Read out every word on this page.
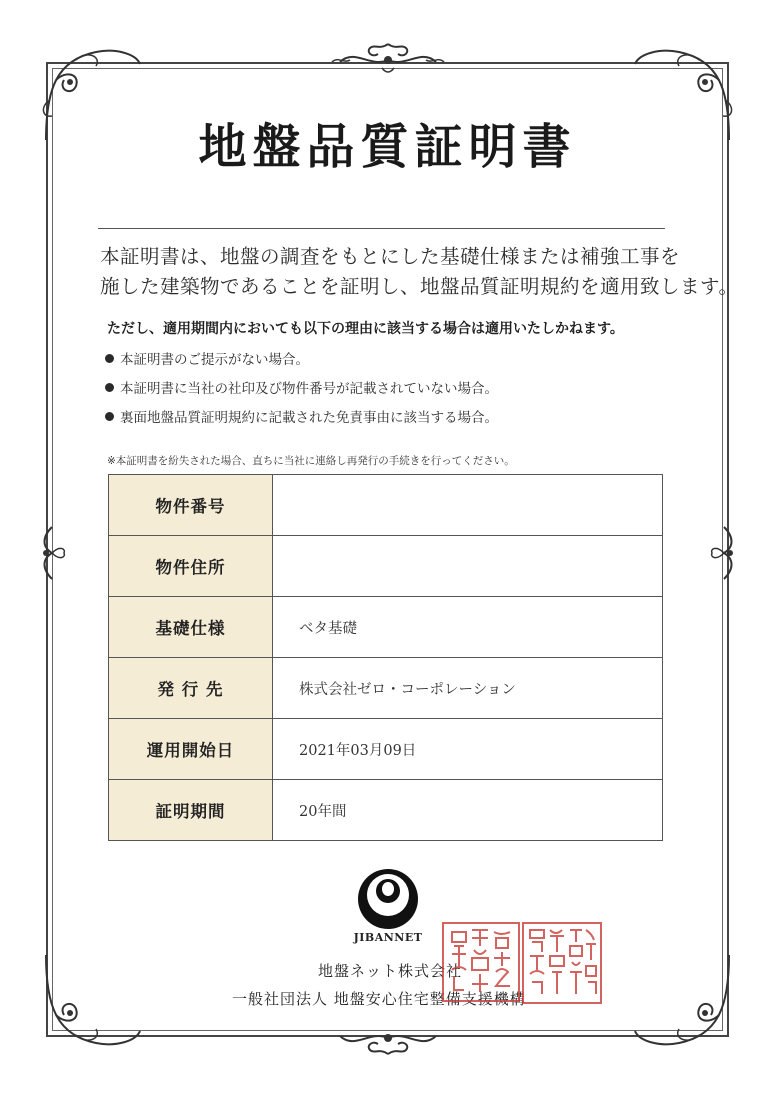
地盤品質証明書
本証明書は、地盤の調査をもとにした基礎仕様または補強工事を
施した建築物であることを証明し、地盤品質証明規約を適用致します。
ただし、適用期間内においても以下の理由に該当する場合は適用いたしかねます。
本証明書のご提示がない場合。
本証明書に当社の社印及び物件番号が記載されていない場合。
裏面地盤品質証明規約に記載された免責事由に該当する場合。
※本証明書を紛失された場合、直ちに当社に連絡し再発行の手続きを行ってください。
物件番号	
物件住所	
基礎仕様	ベタ基礎
発 行 先	株式会社ゼロ・コーポレーション
運用開始日	2021年03月09日
証明期間	20年間
JIBANNET
地盤ネット株式会社
一般社団法人 地盤安心住宅整備支援機構
